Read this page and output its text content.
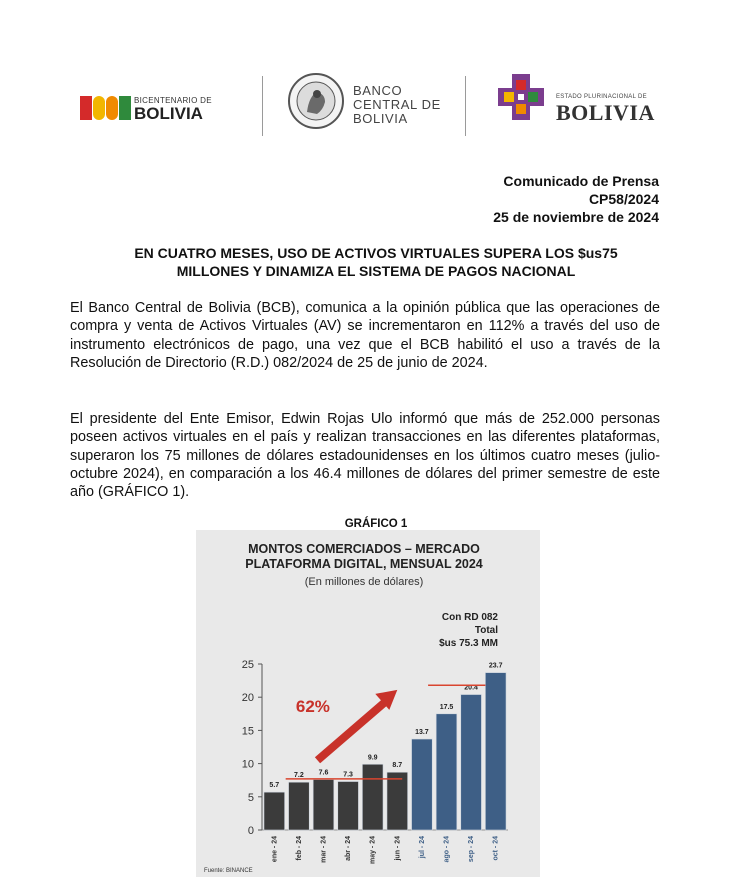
BICENTENARIO DE
BOLIVIA
BANCO
CENTRAL DE
BOLIVIA
ESTADO PLURINACIONAL DE
BOLIVIA
Comunicado de Prensa
CP58/2024
25 de noviembre de 2024
EN CUATRO MESES, USO DE ACTIVOS VIRTUALES SUPERA LOS $us75
MILLONES Y DINAMIZA EL SISTEMA DE PAGOS NACIONAL
El Banco Central de Bolivia (BCB), comunica a la opinión pública que las operaciones de compra y venta de Activos Virtuales (AV) se incrementaron en 112% a través del uso de instrumento electrónicos de pago, una vez que el BCB habilitó el uso a través de la Resolución de Directorio (R.D.) 082/2024 de 25 de junio de 2024.
El presidente del Ente Emisor, Edwin Rojas Ulo informó que más de 252.000 personas poseen activos virtuales en el país y realizan transacciones en las diferentes plataformas, superaron los 75 millones de dólares estadounidenses en los últimos cuatro meses (julio-octubre 2024), en comparación a los 46.4 millones de dólares del primer semestre de este año (GRÁFICO 1).
GRÁFICO 1
MONTOS COMERCIADOS – MERCADO
PLATAFORMA DIGITAL, MENSUAL 2024
(En millones de dólares)
Con RD 082
Total
$us 75.3 MM
Fuente: BINANCE
0
5
10
15
20
25
5.7
ene - 24
7.2
feb - 24
7.6
mar - 24
7.3
abr - 24
9.9
may - 24
8.7
jun - 24
13.7
jul - 24
17.5
ago - 24
20.4
sep - 24
23.7
oct - 24
62%
